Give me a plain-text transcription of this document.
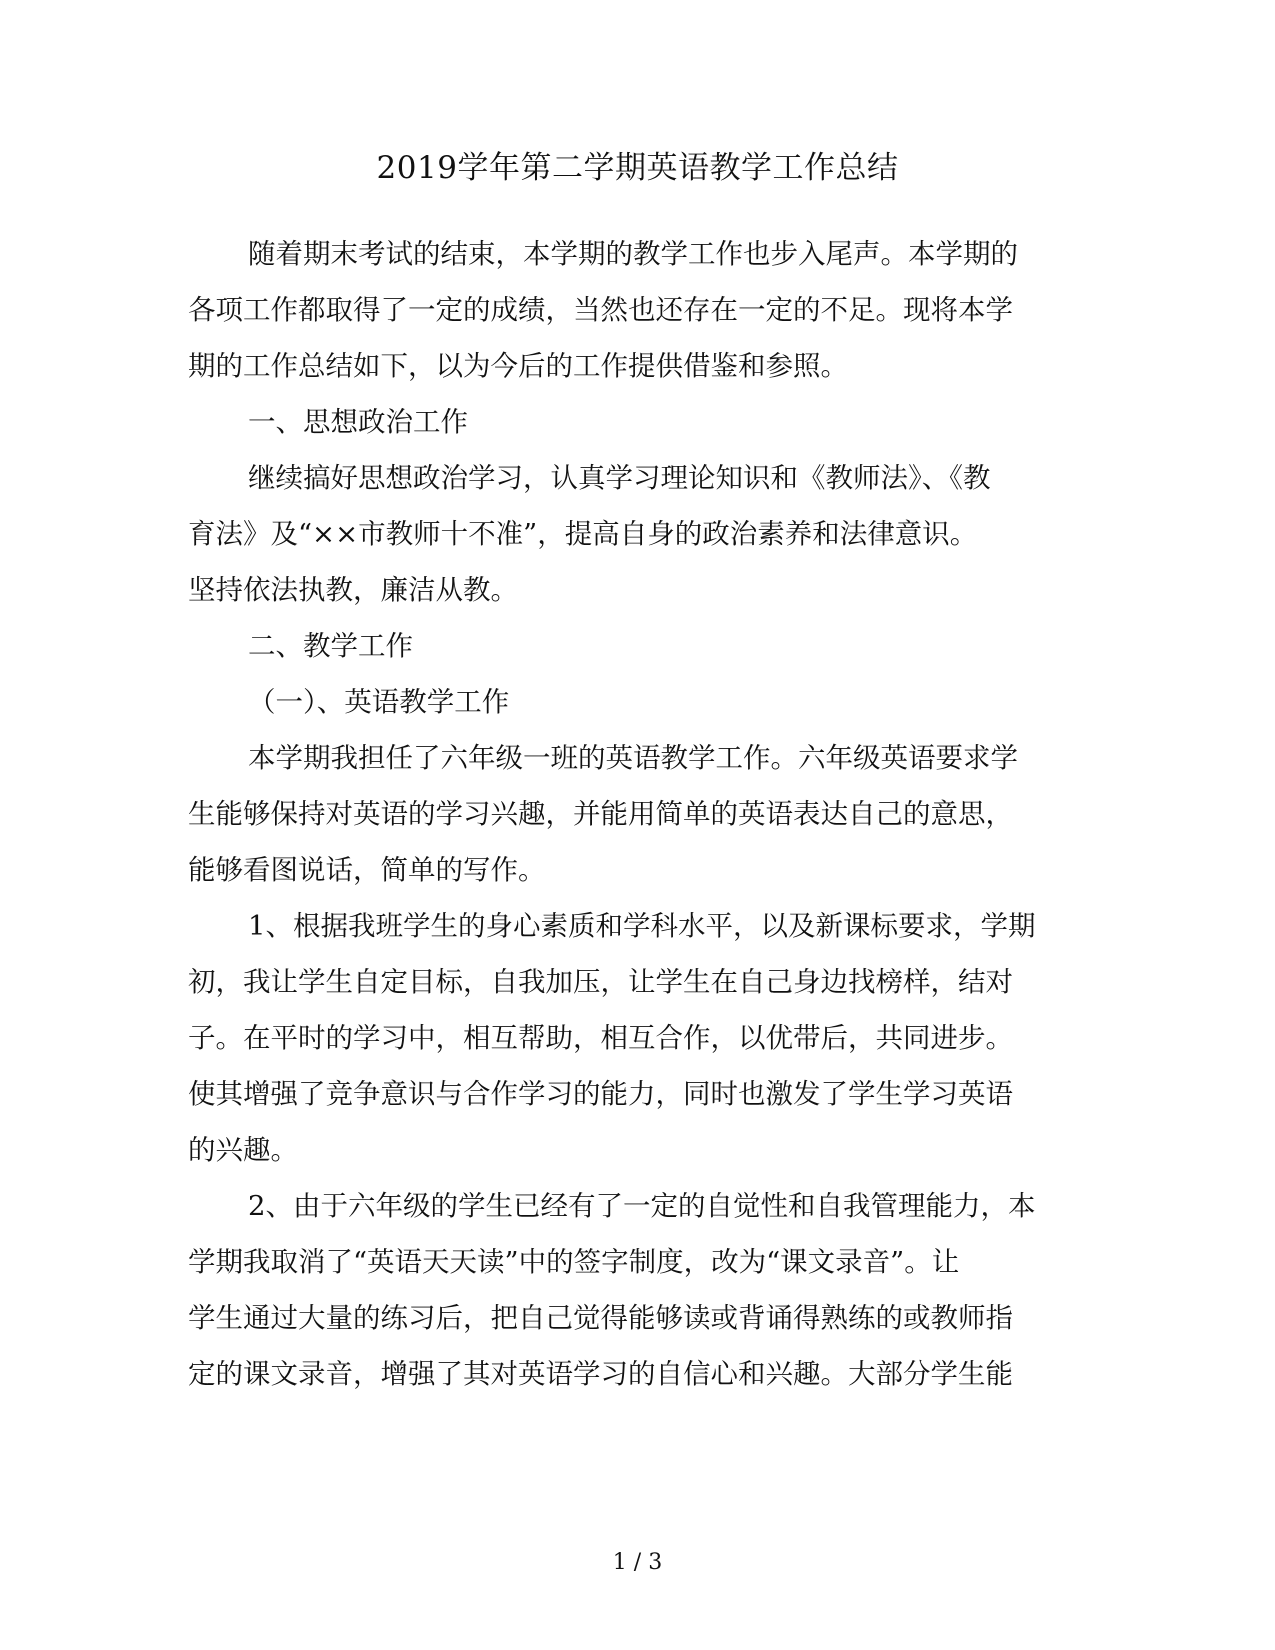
2019学年第二学期英语教学工作总结
随着期末考试的结束，本学期的教学工作也步入尾声。本学期的
各项工作都取得了一定的成绩，当然也还存在一定的不足。现将本学
期的工作总结如下，以为今后的工作提供借鉴和参照。
一、思想政治工作
继续搞好思想政治学习，认真学习理论知识和《教师法》、《教
育法》及“××市教师十不准”，提高自身的政治素养和法律意识。
坚持依法执教，廉洁从教。
二、教学工作
（一）、英语教学工作
本学期我担任了六年级一班的英语教学工作。六年级英语要求学
生能够保持对英语的学习兴趣，并能用简单的英语表达自己的意思，
能够看图说话，简单的写作。
1、根据我班学生的身心素质和学科水平，以及新课标要求，学期
初，我让学生自定目标，自我加压，让学生在自己身边找榜样，结对
子。在平时的学习中，相互帮助，相互合作，以优带后，共同进步。
使其增强了竞争意识与合作学习的能力，同时也激发了学生学习英语
的兴趣。
2、由于六年级的学生已经有了一定的自觉性和自我管理能力，本
学期我取消了“英语天天读”中的签字制度，改为“课文录音”。让
学生通过大量的练习后，把自己觉得能够读或背诵得熟练的或教师指
定的课文录音，增强了其对英语学习的自信心和兴趣。大部分学生能
1 / 3
